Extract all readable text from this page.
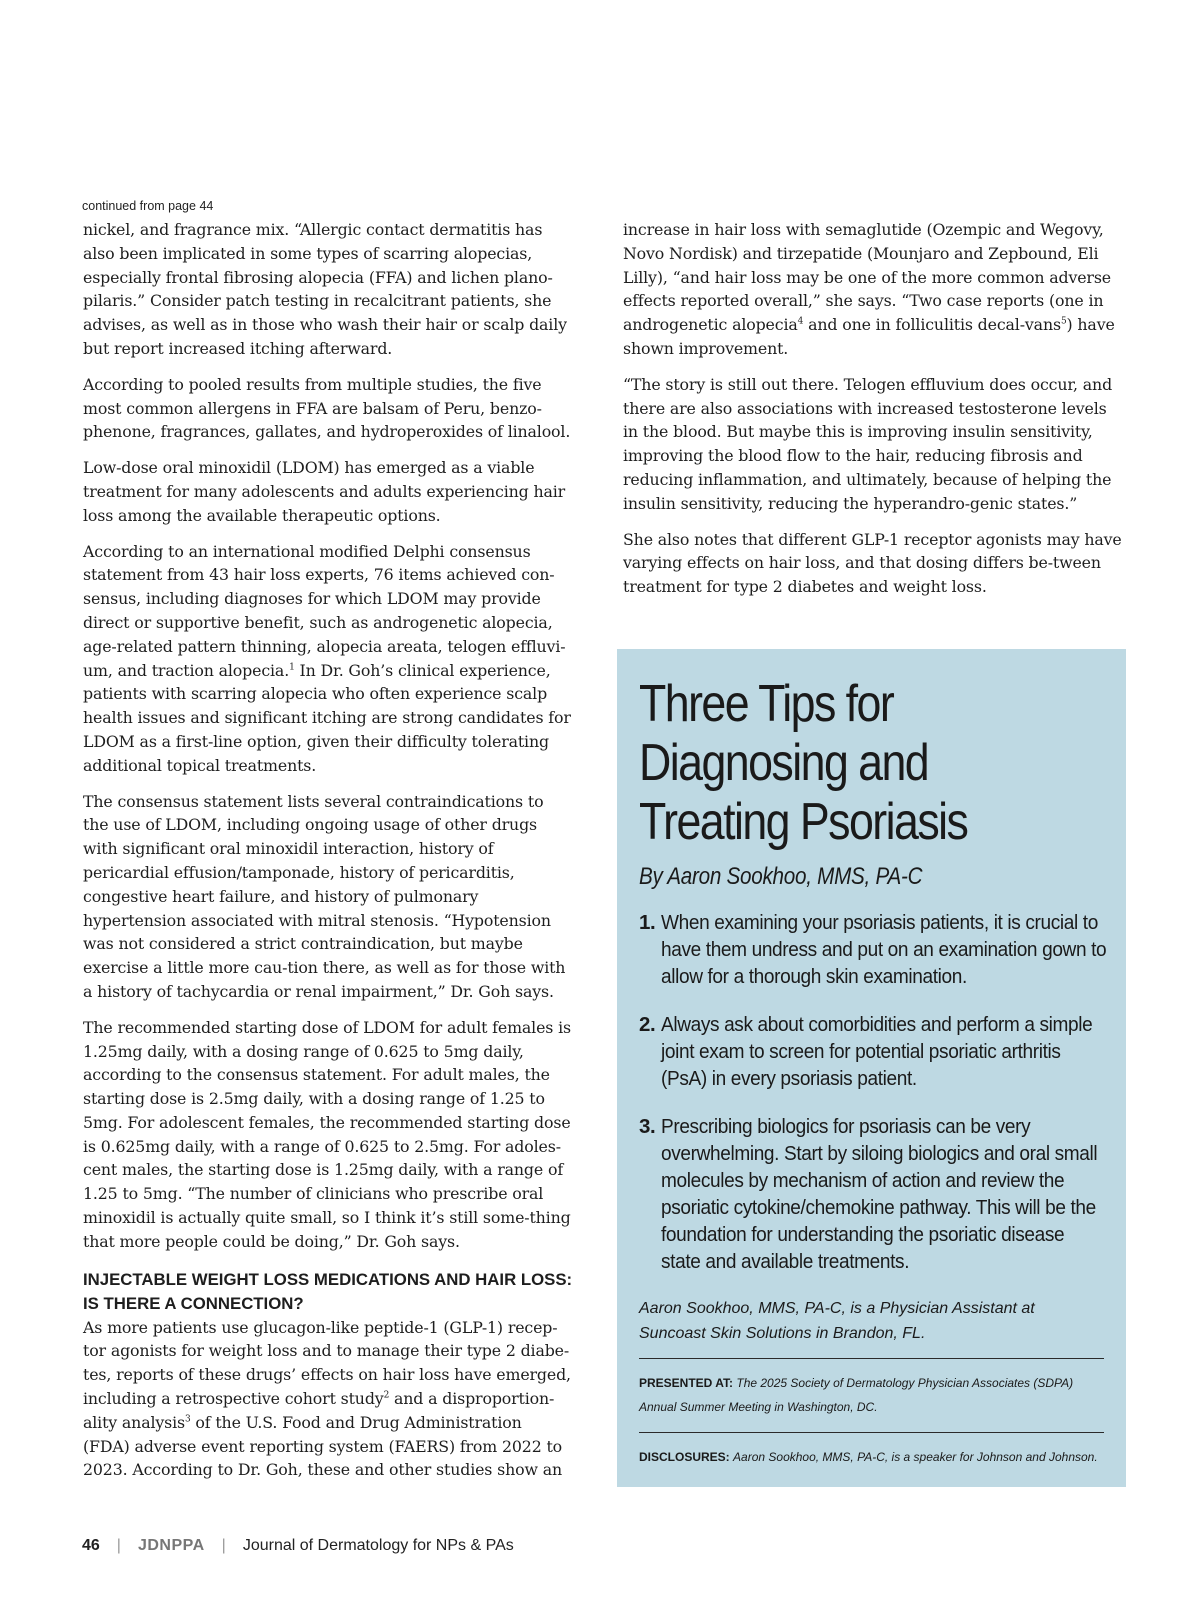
continued from page 44

nickel, and fragrance mix. “Allergic contact dermatitis has also been implicated in some types of scarring alopecias, especially frontal fibrosing alopecia (FFA) and lichen plano-pilaris.” Consider patch testing in recalcitrant patients, she advises, as well as in those who wash their hair or scalp daily but report increased itching afterward.

According to pooled results from multiple studies, the five most common allergens in FFA are balsam of Peru, benzo-phenone, fragrances, gallates, and hydroperoxides of linalool.

Low-dose oral minoxidil (LDOM) has emerged as a viable treatment for many adolescents and adults experiencing hair loss among the available therapeutic options.

According to an international modified Delphi consensus statement from 43 hair loss experts, 76 items achieved con-sensus, including diagnoses for which LDOM may provide direct or supportive benefit, such as androgenetic alopecia, age-related pattern thinning, alopecia areata, telogen effluvi-um, and traction alopecia.$^1$ In Dr. Goh’s clinical experience, patients with scarring alopecia who often experience scalp health issues and significant itching are strong candidates for LDOM as a first-line option, given their difficulty tolerating additional topical treatments.

The consensus statement lists several contraindications to the use of LDOM, including ongoing usage of other drugs with significant oral minoxidil interaction, history of pericardial effusion/tamponade, history of pericarditis, congestive heart failure, and history of pulmonary hypertension associated with mitral stenosis. “Hypotension was not considered a strict contraindication, but maybe exercise a little more cau-tion there, as well as for those with a history of tachycardia or renal impairment,” Dr. Goh says.

The recommended starting dose of LDOM for adult females is 1.25mg daily, with a dosing range of 0.625 to 5mg daily, according to the consensus statement. For adult males, the starting dose is 2.5mg daily, with a dosing range of 1.25 to 5mg. For adolescent females, the recommended starting dose is 0.625mg daily, with a range of 0.625 to 2.5mg. For adoles-cent males, the starting dose is 1.25mg daily, with a range of 1.25 to 5mg. “The number of clinicians who prescribe oral minoxidil is actually quite small, so I think it’s still some-thing that more people could be doing,” Dr. Goh says.

INJECTABLE WEIGHT LOSS MEDICATIONS AND HAIR LOSS: IS THERE A CONNECTION?

As more patients use glucagon-like peptide-1 (GLP-1) recep-tor agonists for weight loss and to manage their type 2 diabe-tes, reports of these drugs’ effects on hair loss have emerged, including a retrospective cohort study$^2$ and a disproportion-ality analysis$^3$ of the U.S. Food and Drug Administration (FDA) adverse event reporting system (FAERS) from 2022 to 2023. According to Dr. Goh, these and other studies show an

increase in hair loss with semaglutide (Ozempic and Wegovy, Novo Nordisk) and tirzepatide (Mounjaro and Zepbound, Eli Lilly), “and hair loss may be one of the more common adverse effects reported overall,” she says. “Two case reports (one in androgenetic alopecia$^4$ and one in folliculitis decal-vans$^5$) have shown improvement.

“The story is still out there. Telogen effluvium does occur, and there are also associations with increased testosterone levels in the blood. But maybe this is improving insulin sensitivity, improving the blood flow to the hair, reducing fibrosis and reducing inflammation, and ultimately, because of helping the insulin sensitivity, reducing the hyperandro-genic states.”

She also notes that different GLP-1 receptor agonists may have varying effects on hair loss, and that dosing differs be-tween treatment for type 2 diabetes and weight loss.

Three Tips for
Diagnosing and
Treating Psoriasis
By Aaron Sookhoo, MMS, PA-C
1. When examining your psoriasis patients, it is crucial to have them undress and put on an examination gown to allow for a thorough skin examination.
2. Always ask about comorbidities and perform a simple joint exam to screen for potential psoriatic arthritis (PsA) in every psoriasis patient.
3. Prescribing biologics for psoriasis can be very overwhelming. Start by siloing biologics and oral small molecules by mechanism of action and review the psoriatic cytokine/chemokine pathway. This will be the foundation for understanding the psoriatic disease state and available treatments.
Aaron Sookhoo, MMS, PA-C, is a Physician Assistant at Suncoast Skin Solutions in Brandon, FL.
PRESENTED AT: The 2025 Society of Dermatology Physician Associates (SDPA) Annual Summer Meeting in Washington, DC.
DISCLOSURES: Aaron Sookhoo, MMS, PA-C, is a speaker for Johnson and Johnson.
46 | JDNPPA | Journal of Dermatology for NPs & PAs
